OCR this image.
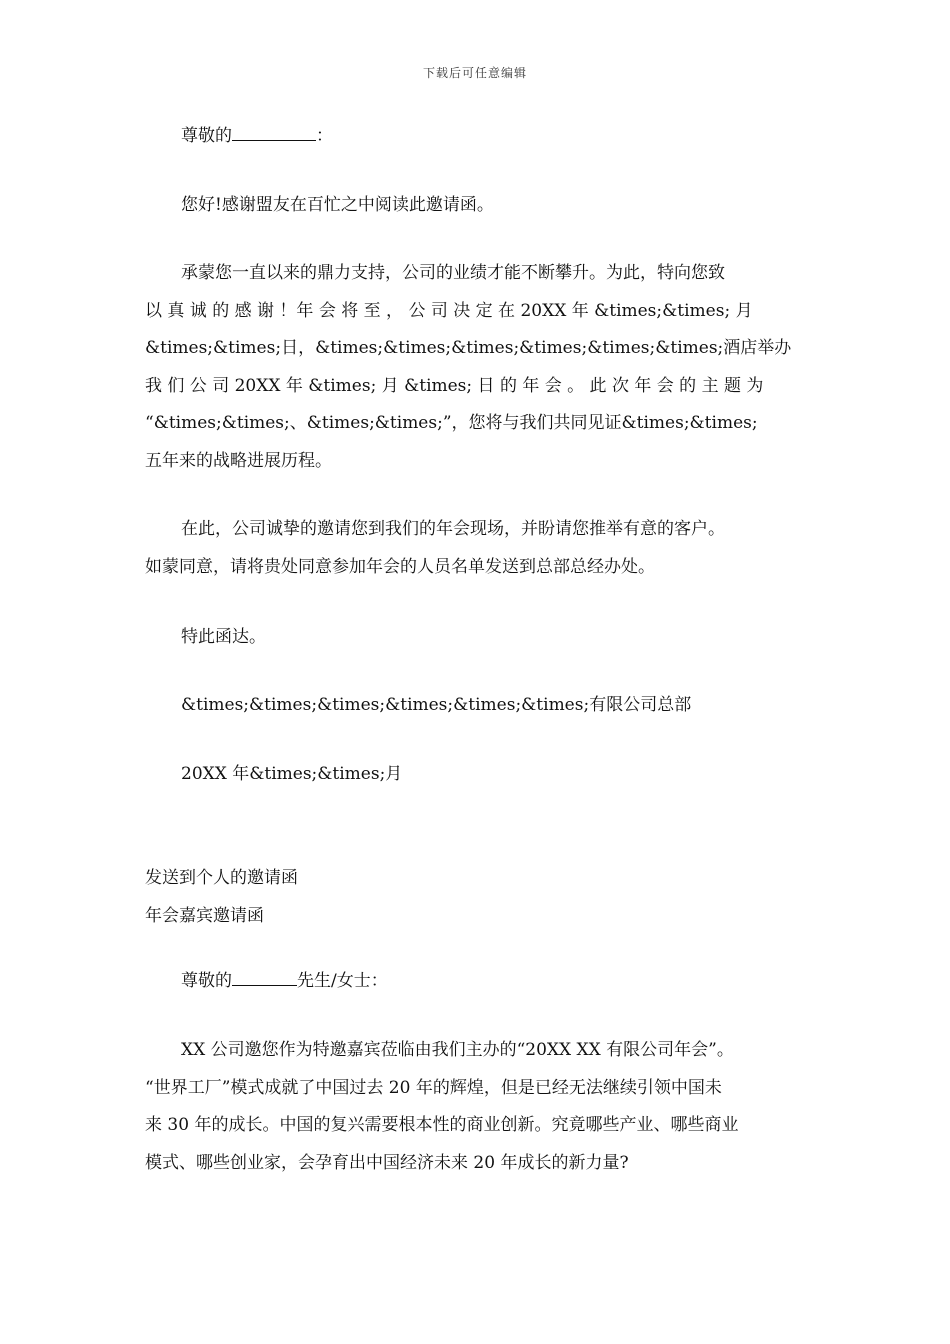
下载后可任意编辑
尊敬的	：
您好!感谢盟友在百忙之中阅读此邀请函。
承蒙您一直以来的鼎力支持，公司的业绩才能不断攀升。为此，特向您致
以 真 诚 的 感 谢 ！年 会 将 至 ， 公 司 决 定 在 20XX 年 &times;&times; 月
&times;&times;日，&times;&times;&times;&times;&times;&times;酒店举办
我 们 公 司 20XX 年 &times; 月 &times; 日 的 年 会 。 此 次 年 会 的 主 题 为
“&times;&times;、&times;&times;”，您将与我们共同见证&times;&times;
五年来的战略进展历程。
在此，公司诚挚的邀请您到我们的年会现场，并盼请您推举有意的客户。
如蒙同意，请将贵处同意参加年会的人员名单发送到总部总经办处。
特此函达。
&times;&times;&times;&times;&times;&times;有限公司总部
20XX 年&times;&times;月
发送到个人的邀请函
年会嘉宾邀请函
尊敬的	先生/女士：
XX 公司邀您作为特邀嘉宾莅临由我们主办的“20XX XX 有限公司年会”。
“世界工厂”模式成就了中国过去 20 年的辉煌，但是已经无法继续引领中国未
来 30 年的成长。中国的复兴需要根本性的商业创新。究竟哪些产业、哪些商业
模式、哪些创业家，会孕育出中国经济未来 20 年成长的新力量?
